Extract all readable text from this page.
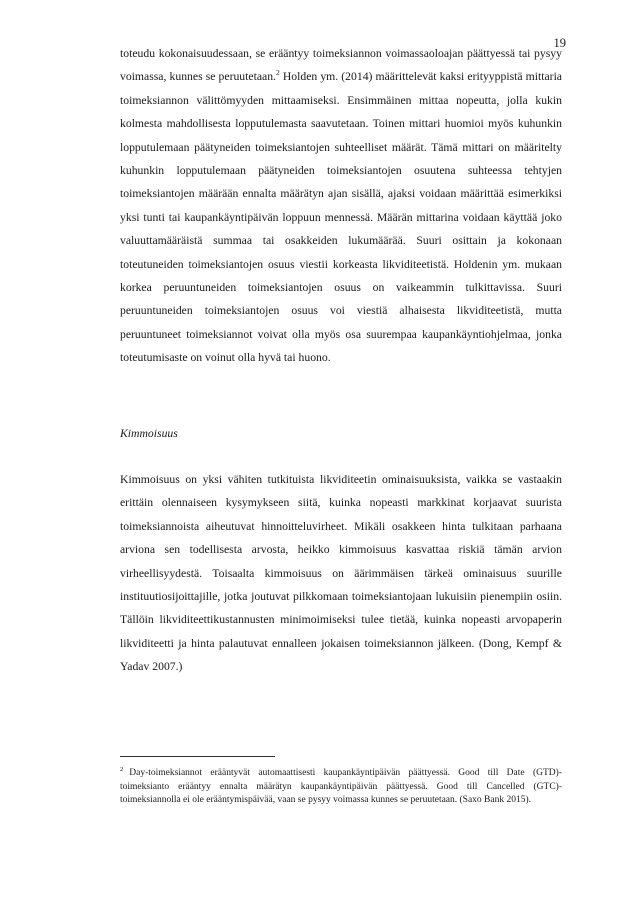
19

toteudu kokonaisuudessaan, se erääntyy toimeksiannon voimassaoloajan päättyessä tai pysyy voimassa, kunnes se peruutetaan.$^2$ Holden ym. (2014) määrittelevät kaksi erityyppistä mittaria toimeksiannon välittömyyden mittaamiseksi. Ensimmäinen mittaa nopeutta, jolla kukin kolmesta mahdollisesta lopputulemasta saavutetaan. Toinen mittari huomioi myös kuhunkin lopputulemaan päätyneiden toimeksiantojen suhteelliset määrät. Tämä mittari on määritelty kuhunkin lopputulemaan päätyneiden toimeksiantojen osuutena suhteessa tehtyjen toimeksiantojen määrään ennalta määrätyn ajan sisällä, ajaksi voidaan määrittää esimerkiksi yksi tunti tai kaupankäyntipäivän loppuun mennessä. Määrän mittarina voidaan käyttää joko valuuttamääräistä summaa tai osakkeiden lukumäärää. Suuri osittain ja kokonaan toteutuneiden toimeksiantojen osuus viestii korkeasta likviditeetistä. Holdenin ym. mukaan korkea peruuntuneiden toimeksiantojen osuus on vaikeammin tulkittavissa. Suuri peruuntuneiden toimeksiantojen osuus voi viestiä alhaisesta likviditeetistä, mutta peruuntuneet toimeksiannot voivat olla myös osa suurempaa kaupankäyntiohjelmaa, jonka toteutumisaste on voinut olla hyvä tai huono.

Kimmoisuus

Kimmoisuus on yksi vähiten tutkituista likviditeetin ominaisuuksista, vaikka se vastaakin erittäin olennaiseen kysymykseen siitä, kuinka nopeasti markkinat korjaavat suurista toimeksiannoista aiheutuvat hinnoitteluvirheet. Mikäli osakkeen hinta tulkitaan parhaana arviona sen todellisesta arvosta, heikko kimmoisuus kasvattaa riskiä tämän arvion virheellisyydestä. Toisaalta kimmoisuus on äärimmäisen tärkeä ominaisuus suurille instituutiosijoittajille, jotka joutuvat pilkkomaan toimeksiantojaan lukuisiin pienempiin osiin. Tällöin likviditeettikustannusten minimoimiseksi tulee tietää, kuinka nopeasti arvopaperin likviditeetti ja hinta palautuvat ennalleen jokaisen toimeksiannon jälkeen. (Dong, Kempf & Yadav 2007.)

$^2$ Day-toimeksiannot erääntyvät automaattisesti kaupankäyntipäivän päättyessä. Good till Date (GTD)- toimeksianto erääntyy ennalta määrätyn kaupankäyntipäivän päättyessä. Good till Cancelled (GTC)- toimeksiannolla ei ole erääntymispäivää, vaan se pysyy voimassa kunnes se peruutetaan. (Saxo Bank 2015).
